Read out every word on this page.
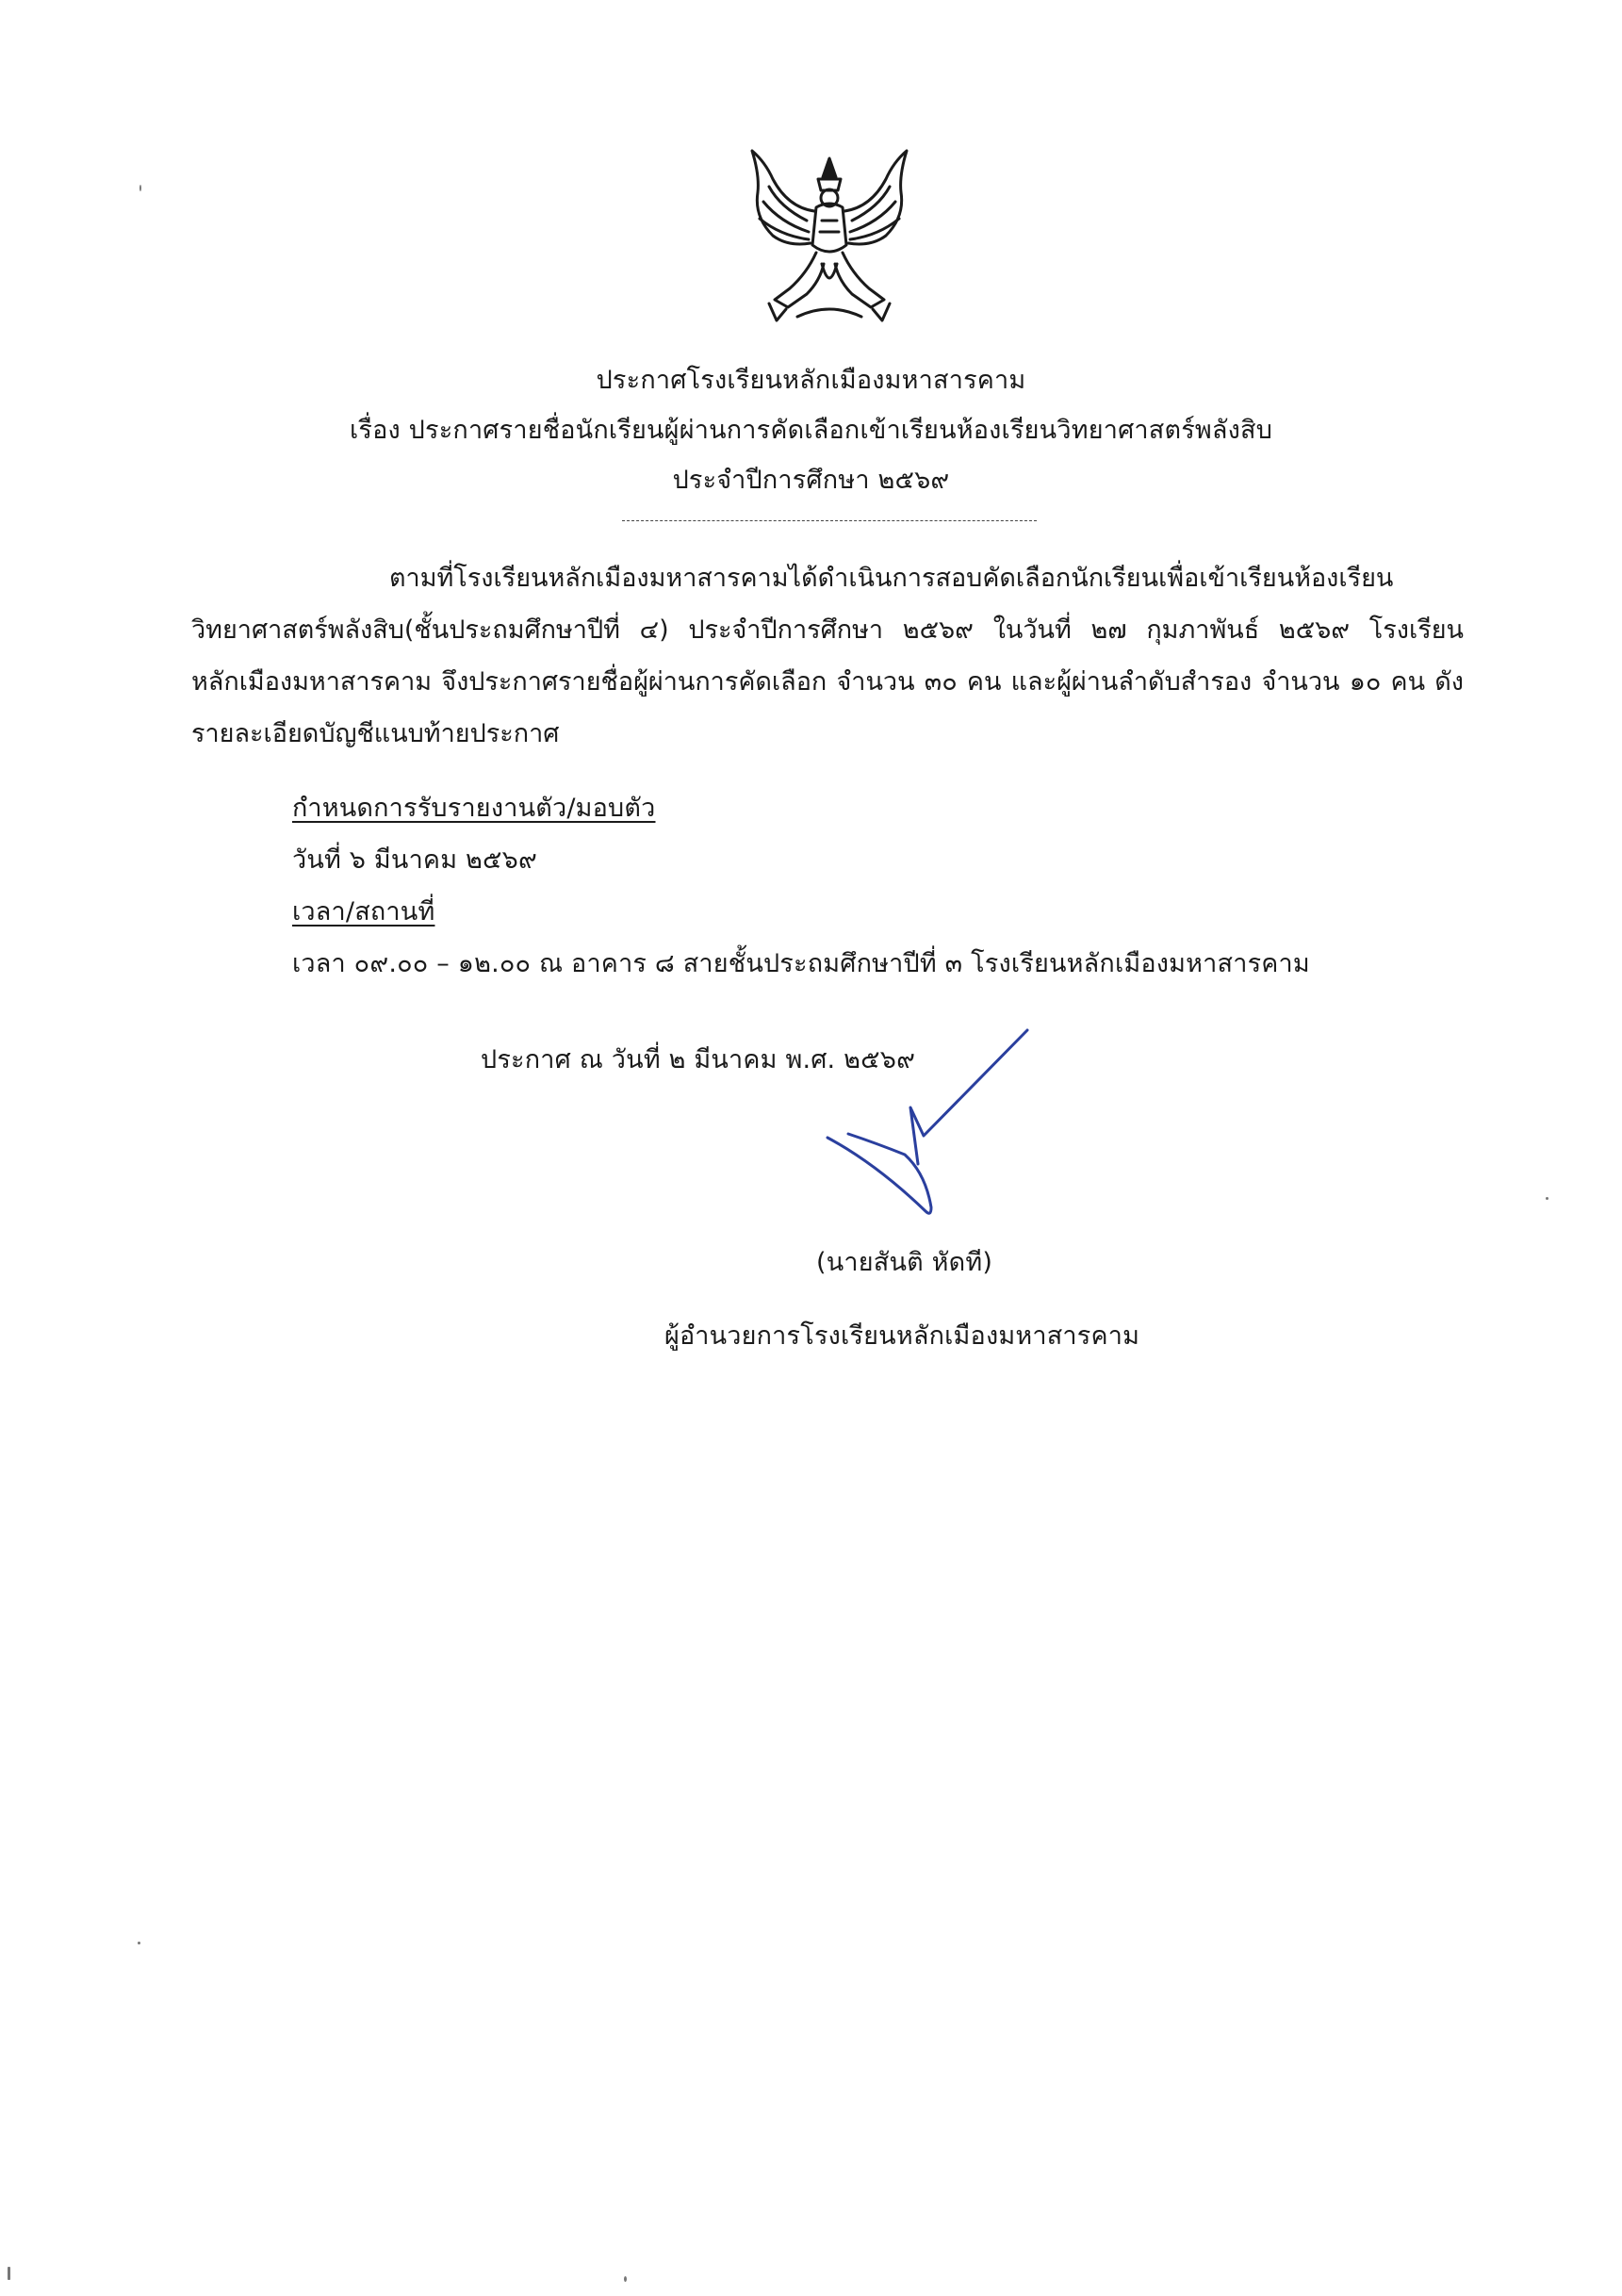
ประกาศโรงเรียนหลักเมืองมหาสารคาม
เรื่อง ประกาศรายชื่อนักเรียนผู้ผ่านการคัดเลือกเข้าเรียนห้องเรียนวิทยาศาสตร์พลังสิบ
ประจำปีการศึกษา ๒๕๖๙
ตามที่โรงเรียนหลักเมืองมหาสารคามได้ดำเนินการสอบคัดเลือกนักเรียนเพื่อเข้าเรียนห้องเรียนวิทยาศาสตร์พลังสิบ(ชั้นประถมศึกษาปีที่ ๔) ประจำปีการศึกษา ๒๕๖๙ ในวันที่ ๒๗ กุมภาพันธ์ ๒๕๖๙ โรงเรียนหลักเมืองมหาสารคาม จึงประกาศรายชื่อผู้ผ่านการคัดเลือก จำนวน ๓๐ คน และผู้ผ่านลำดับสำรอง จำนวน ๑๐ คน ดังรายละเอียดบัญชีแนบท้ายประกาศ
กำหนดการรับรายงานตัว/มอบตัว
วันที่ ๖ มีนาคม ๒๕๖๙
เวลา/สถานที่
เวลา ๐๙.๐๐ – ๑๒.๐๐ ณ อาคาร ๘ สายชั้นประถมศึกษาปีที่ ๓ โรงเรียนหลักเมืองมหาสารคาม
ประกาศ ณ วันที่ ๒ มีนาคม พ.ศ. ๒๕๖๙
(นายสันติ หัดที)
ผู้อำนวยการโรงเรียนหลักเมืองมหาสารคาม
